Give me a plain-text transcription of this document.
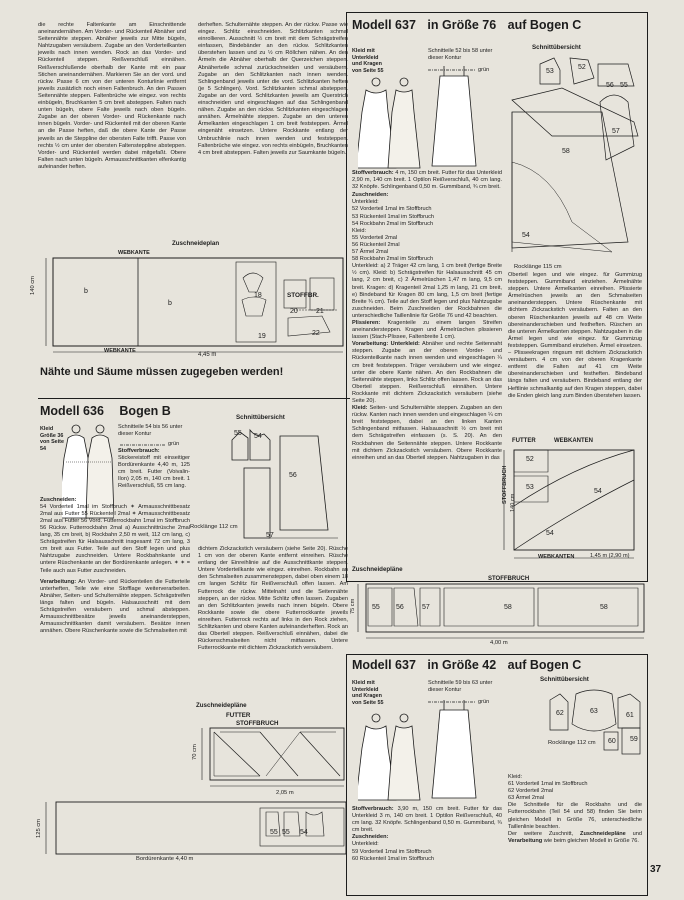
die rechte Faltenkante am Einschnittende aneinandernähen. Am Vorder- und Rückenteil Abnäher und Seitennähte steppen. Abnäher jeweils zur Mitte bügeln, Nahtzugaben versäubern. Zugabe an den Vorderteilkanten jeweils nach innen wenden. Rock an das Vorder- und Rückenteil steppen. Reißverschluß einnähen. Reißverschlußende oberhalb der Kante mit ein paar Stichen aneinandernähen. Markieren Sie an der vord. und rückw. Passe 6 cm von der unteren Konturlinie entfernt jeweils zusätzlich noch einen Faltenbruch. An den Passen Seitennähte steppen. Faltenbrüche wie eingez. von rechts einbügeln, Bruchkanten 5 cm breit absteppen. Falten nach unten bügeln, obere Falte jeweils nach oben bügeln. Zugabe an der oberen Vorder- und Rückenkante nach innen bügeln. Vorder- und Rückenteil mit der oberen Kante an die Passe heften, daß die obere Kante der Passe jeweils an die Steppline der obersten Falte trifft. Passe von rechts ½ cm unter der obersten Faltensteppline absteppen. Vorder- und Rückenteil werden dabei mitgefaßt. Obere Falten nach unten bügeln. Armausschnittkanten elfenkantig aufeinander heften.

derheften. Schulternähte steppen. An der rückw. Passe wie eingez. Schlitz einschneiden. Schlitzkanten schmal einrollieren. Ausschnitt ½ cm breit mit dem Schrägstreifen einfassen, Bindebänder an den rückw. Schlitzkanten überstehen lassen und zu ½ cm Röllchen nähen. An den Ärmeln die Abnäher oberhalb der Querzeichen steppen. Abnäherteile schmal zurückschneiden und versäubern. Zugabe an den Schlitzkanten nach innen wenden. Schlingenband jeweils unter die vord. Schlitzkanten heften (je 5 Schlingen). Vord. Schlitzkanten schmal absteppen. Zugabe an der vord. Schlitzkanten jeweils am Querstrich einschneiden und eingeschlagen auf das Schlingenband nähen. Zugabe an den rückw. Schlitzkanten eingeschlagen annähen. Ärmelnähte steppen. Zugabe an den unteren Ärmelkanten eingeschlagen 1 cm breit feststeppen. Ärmel eingenäht einsetzen. Untere Rockkante entlang der Umbruchlinie nach innen wenden und feststeppen. Faltenbrüche wie eingez. von rechts einbügeln, Bruchkanten 4 cm breit absteppen. Falten jeweils zur Saumkante bügeln.

Zuschneideplan
WEBKANTE
STOFFBR.
140 cm	b
b
18
19
20	21
22
WEBKANTE
4,45 m
Nähte und Säume müssen zugegeben werden!
Modell 636 Bogen B
Kleid Größe 36 von Seite 54
Schnitteile 54 bis 56 unter dieser Kontur
grün
Schnittübersicht
55 54
56
57
Rocklänge 112 cm

Stoffverbrauch: Stickereistoff mit einseitiger Bordürenkante 4,40 m, 125 cm breit. Futter (Voivalin-Ilon) 2,05 m, 140 cm breit. 1 Reißverschluß, 55 cm lang.

Zuschneiden:

54 Vorderteil 1mal im Stoffbruch ✶ Armausschnittbesatz 2mal aus Futter 55 Rückenteil 2mal ✶ Armausschnittbesatz 2mal aus Futter 56 Vord. Futterrockbahn 1mal im Stoffbruch 56 Rückw. Futterrockbahn 2mal a) Ausschnittrüsche 2mal lang, 35 cm breit, b) Rockbahn 2,50 m weit, 112 cm lang, c) Schrägstreifen für Halsausschnitt insgesamt 72 cm lang, 3 cm breit aus Futter. Teile auf den Stoff legen und plus Nahtzugabe zuschneiden. Untere Rockbahnkante und untere Rüschenkante an der Bordürenkante anlegen. ✶ ✶ = Teile auch aus Futter zuschneiden.

Verarbeitung: An Vorder- und Rückenteilen die Futterteile unterheften, Teile wie eine Stofflage weiterverarbeiten. Abnäher, Seiten- und Schulternähte steppen. Schrägstreifen längs falten und bügeln. Halsausschnitt mit dem Schrägstreifen versäubern und schmal absteppen. Armausschnittbesätze jeweils aneinandersteppen, Armausschnittkanten damit versäubern. Besätze innen annähen. Obere Rüschenkante sowie die Schmalseiten mit

dichtem Zickzackstich versäubern (siehe Seite 20). Rüsche 1 cm von der oberen Kante entfernt einreihen. Rüsche entlang der Einreihlinie auf die Ausschnittkante steppen. Untere Vorderteilkante wie eingez. einreihen. Rockbahn an den Schmalseiten zusammensteppen, dabei oben einem 18 cm langen Schlitz für Reißverschluß offen lassen. Am Futterrock die rückw. Mittelnaht und die Seitennähte steppen, an der rückw. Mitte Schlitz offen lassen. Zugaben an den Schlitzkanten jeweils nach innen bügeln. Obere Rockkante sowie die obere Futterrockkante jeweils einreihen. Futterrock rechts auf links in den Rock ziehen, Schlitzkanten und obere Kanten aufeinanderheften. Rock an das Oberteil steppen. Reißverschluß einnähen, dabei die Rückenschmalseiten nicht mitfassen. Untere Futterrockkante mit dichtem Zickzackstich versäubern.
Zuschneidepläne
FUTTER
STOFFBRUCH
70 cm
2,05 m
125 cm	55 55 54
Bordürenkante 4,40 m
Modell 637 in Größe 76 auf Bogen C
Kleid mit Unterkleid und Kragen von Seite 55
Schnitteile 52 bis 58 unter dieser Kontur
grün
Schnittübersicht
53
52
56 55
58
57
54
Rocklänge 115 cm

Stoffverbrauch: 4 m, 150 cm breit. Futter für das Unterkleid 2,90 m, 140 cm breit. 1 Optilon Reißverschluß, 40 cm lang. 32 Knöpfe. Schlingenband 0,50 m. Gummiband, ¾ cm breit.

Zuschneiden:

Unterkleid:

52 Vorderteil 1mal im Stoffbruch

53 Rückenteil 1mal im Stoffbruch

54 Rockbahn 2mal im Stoffbruch

Kleid:

55 Vorderteil 2mal

56 Rückenteil 2mal

57 Ärmel 2mal

58 Rockbahn 2mal im Stoffbruch

Unterkleid: a) 2 Träger 42 cm lang, 1 cm breit (fertige Breite ½ cm). Kleid: b) Schrägstreifen für Halsausschnitt 45 cm lang, 2 cm breit, c) 2 Ärmelrüschen 1,47 m lang, 9,5 cm breit. Kragen: d) Kragenteil 2mal 1,25 m lang, 21 cm breit, e) Bindeband für Kragen 80 cm lang, 1,5 cm breit (fertige Breite ¾ cm). Teile auf den Stoff legen und plus Nahtzugabe zuschneiden. Beim Zuschneiden der Rockbahnen die unterschiedliche Taillenlinie für Größe 76 und 42 beachten.

Plissieren: Kragenteile zu einem langen Streifen aneinandersteppen. Kragen und Ärmelrüschen plissieren lassen (Stach-Plissee, Faltenbreite 1 cm).

Vorarbeitung: Unterkleid: Abnäher und rechte Seitennaht steppen. Zugabe an der oberen Vorder- und Rückenteilkante nach innen wenden und eingeschlagen ¼ cm breit feststeppen. Träger versäubern und wie eingez. unter die obere Kante nähen. An den Rockbahnen die Seitennähte steppen, links Schlitz offen lassen. Rock an das Oberteil steppen. Reißverschluß einnähen. Untere Rockkante mit dichtem Zickzackstich versäubern (siehe Seite 20).

Kleid: Seiten- und Schulternähte steppen. Zugaben an den rückw. Kanten nach innen wenden und eingeschlagen ¼ cm breit feststeppen, dabei an den linken Kanten Schlingenband mitfassen. Halsausschnitt ½ cm breit mit dem Schrägstreifen einfassen (s. S. 20). An den Rockbahnen die Seitennähte steppen. Untere Rockkante mit dichtem Zickzackstich versäubern. Obere Rockkante einreihen und an das Oberteil steppen. Nahtzugaben in das

Oberteil legen und wie eingez. für Gummizug feststeppen. Gummiband einziehen. Ärmelnähte steppen. Untere Ärmelkanten einreihen. Plissierte Ärmelrüschen jeweils an den Schmalseiten aneinandersteppen. Untere Rüschenkante mit dichtem Zickzackstich versäubern. Falten an den oberen Rüschenkanten jeweils auf 48 cm Weite übereinanderschieben und festheften. Rüschen an die unteren Ärmelkanten steppen. Nahtzugaben in die Ärmel legen und wie eingez. für Gummizug feststeppen. Gummiband einziehen. Ärmel einsetzen. – Plisseekragen ringsum mit dichtem Zickzackstich versäubern. 4 cm von der oberen Kragenkante entfernt die Falten auf 41 cm Weite übereinanderschieben und festheften. Bindeband längs falten und versäubern. Bindeband entlang der Heftlinie schmalkantig auf den Kragen steppen, dabei die Enden gleich lang zum Binden überstehen lassen.
FUTTER	WEBKANTEN
140 cm
STOFFBRUCH
52
53
54
54
WEBKANTEN	1,45 m (2,90 m)
Zuschneidepläne
STOFFBRUCH
75 cm 55 56	57	58	58
4,00 m
Modell 637 in Größe 42 auf Bogen C
Kleid mit Unterkleid und Kragen von Seite 55
Schnitteile 59 bis 63 unter dieser Kontur
grün
Schnittübersicht
62	63
61
60 59
Rocklänge 112 cm

Stoffverbrauch: 3,90 m, 150 cm breit. Futter für das Unterkleid 3 m, 140 cm breit. 1 Optilon Reißverschluß, 40 cm lang. 32 Knöpfe. Schlingenband 0,50 m. Gummiband, ¾ cm breit.

Zuschneiden:

Unterkleid:

59 Vorderteil 1mal im Stoffbruch

60 Rückenteil 1mal im Stoffbruch

Kleid:

61 Vorderteil 1mal im Stoffbruch

62 Vorderteil 2mal

63 Ärmel 2mal

Die Schnitteile für die Rockbahn und die Futterrockbahn (Teil 54 und 58) finden Sie beim gleichen Modell in Größe 76, unterschiedliche Taillenlinie beachten.

Der weitere Zuschnitt, Zuschneidepläne und Verarbeitung wie beim gleichen Modell in Größe 76.

37
